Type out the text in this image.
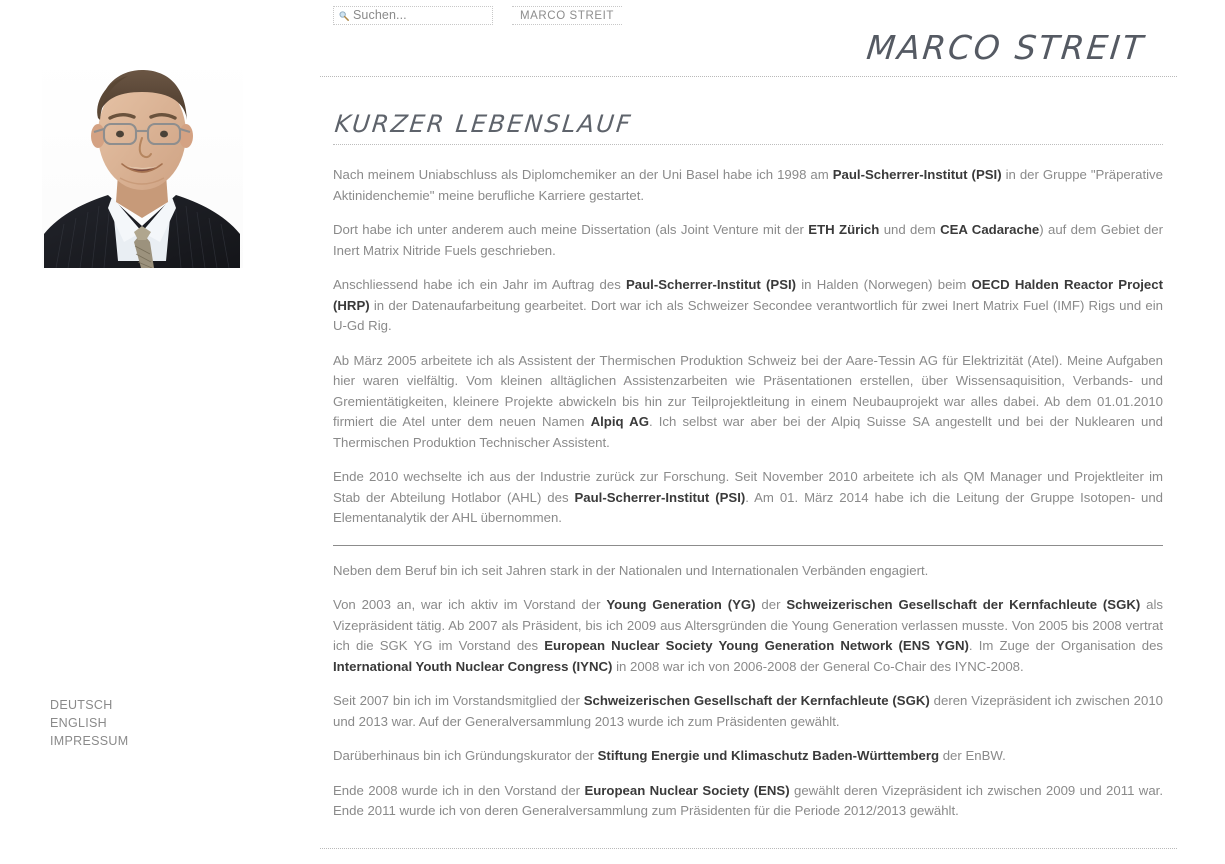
Suchen...	MARCO STREIT
DEUTSCH
ENGLISH
IMPRESSUM
MARCO STREIT
KURZER LEBENSLAUF

Nach meinem Uniabschluss als Diplomchemiker an der Uni Basel habe ich 1998 am Paul-Scherrer-Institut (PSI) in der Gruppe "Präperative Aktinidenchemie" meine berufliche Karriere gestartet.

Dort habe ich unter anderem auch meine Dissertation (als Joint Venture mit der ETH Zürich und dem CEA Cadarache) auf dem Gebiet der Inert Matrix Nitride Fuels geschrieben.

Anschliessend habe ich ein Jahr im Auftrag des Paul-Scherrer-Institut (PSI) in Halden (Norwegen) beim OECD Halden Reactor Project (HRP) in der Datenaufarbeitung gearbeitet. Dort war ich als Schweizer Secondee verantwortlich für zwei Inert Matrix Fuel (IMF) Rigs und ein U-Gd Rig.

Ab März 2005 arbeitete ich als Assistent der Thermischen Produktion Schweiz bei der Aare-Tessin AG für Elektrizität (Atel). Meine Aufgaben hier waren vielfältig. Vom kleinen alltäglichen Assistenzarbeiten wie Präsentationen erstellen, über Wissensaquisition, Verbands- und Gremientätigkeiten, kleinere Projekte abwickeln bis hin zur Teilprojektleitung in einem Neubauprojekt war alles dabei. Ab dem 01.01.2010 firmiert die Atel unter dem neuen Namen Alpiq AG. Ich selbst war aber bei der Alpiq Suisse SA angestellt und bei der Nuklearen und Thermischen Produktion Technischer Assistent.

Ende 2010 wechselte ich aus der Industrie zurück zur Forschung. Seit November 2010 arbeitete ich als QM Manager und Projektleiter im Stab der Abteilung Hotlabor (AHL) des Paul-Scherrer-Institut (PSI). Am 01. März 2014 habe ich die Leitung der Gruppe Isotopen- und Elementanalytik der AHL übernommen.

Neben dem Beruf bin ich seit Jahren stark in der Nationalen und Internationalen Verbänden engagiert.

Von 2003 an, war ich aktiv im Vorstand der Young Generation (YG) der Schweizerischen Gesellschaft der Kernfachleute (SGK) als Vizepräsident tätig. Ab 2007 als Präsident, bis ich 2009 aus Altersgründen die Young Generation verlassen musste. Von 2005 bis 2008 vertrat ich die SGK YG im Vorstand des European Nuclear Society Young Generation Network (ENS YGN). Im Zuge der Organisation des International Youth Nuclear Congress (IYNC) in 2008 war ich von 2006-2008 der General Co-Chair des IYNC-2008.

Seit 2007 bin ich im Vorstandsmitglied der Schweizerischen Gesellschaft der Kernfachleute (SGK) deren Vizepräsident ich zwischen 2010 und 2013 war. Auf der Generalversammlung 2013 wurde ich zum Präsidenten gewählt.

Darüberhinaus bin ich Gründungskurator der Stiftung Energie und Klimaschutz Baden-Württemberg der EnBW.

Ende 2008 wurde ich in den Vorstand der European Nuclear Society (ENS) gewählt deren Vizepräsident ich zwischen 2009 und 2011 war. Ende 2011 wurde ich von deren Generalversammlung zum Präsidenten für die Periode 2012/2013 gewählt.
